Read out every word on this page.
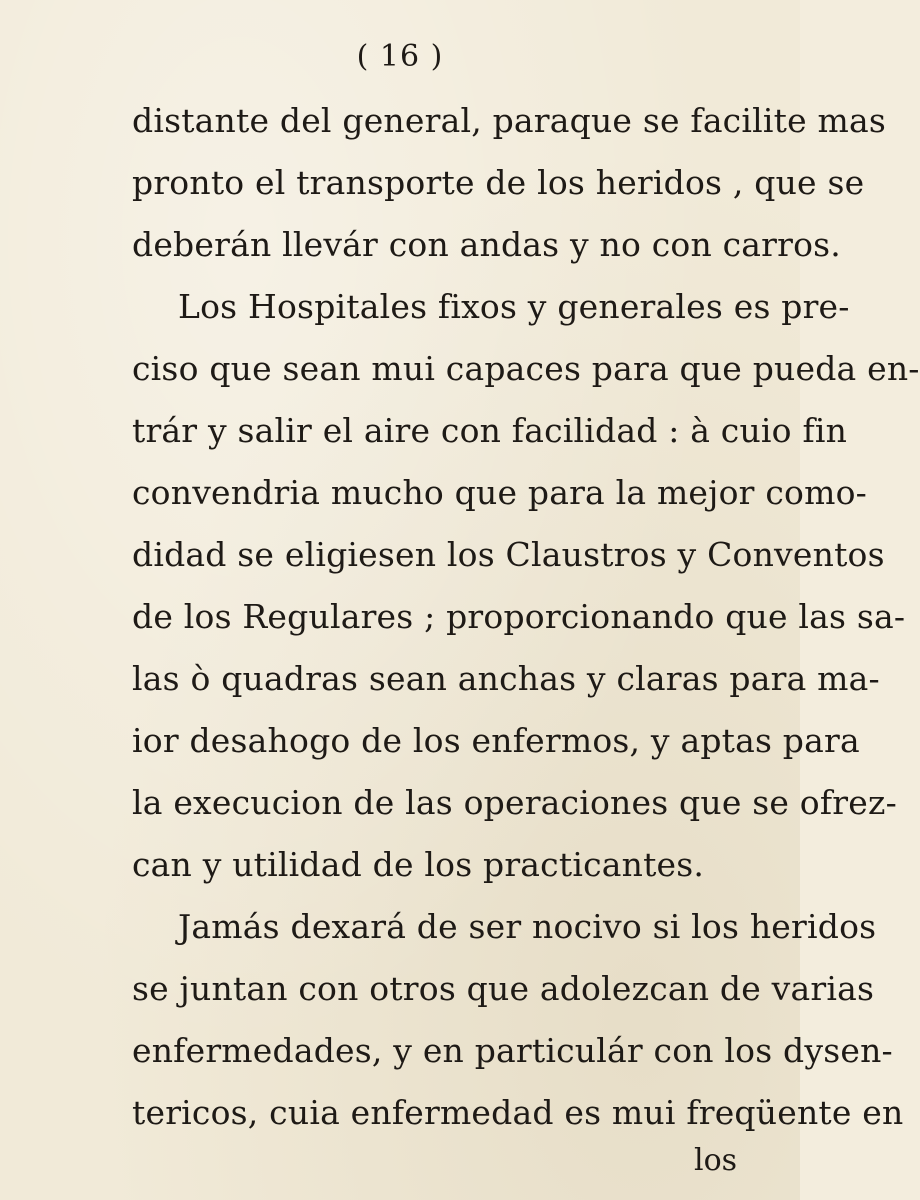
( 16 )
distante del general, paraque se facilite mas
pronto el transporte de los heridos , que se
deberán llevár con andas y no con carros.
Los Hospitales fixos y generales es pre-
ciso que sean mui capaces para que pueda en-
trár y salir el aire con facilidad : à cuio fin
convendria mucho que para la mejor como-
didad se eligiesen los Claustros y Conventos
de los Regulares ; proporcionando que las sa-
las ò quadras sean anchas y claras para ma-
ior desahogo de los enfermos, y aptas para
la execucion de las operaciones que se ofrez-
can y utilidad de los practicantes.
Jamás dexará de ser nocivo si los heridos
se juntan con otros que adolezcan de varias
enfermedades, y en particulár con los dysen-
tericos, cuia enfermedad es mui freqüente en
los
